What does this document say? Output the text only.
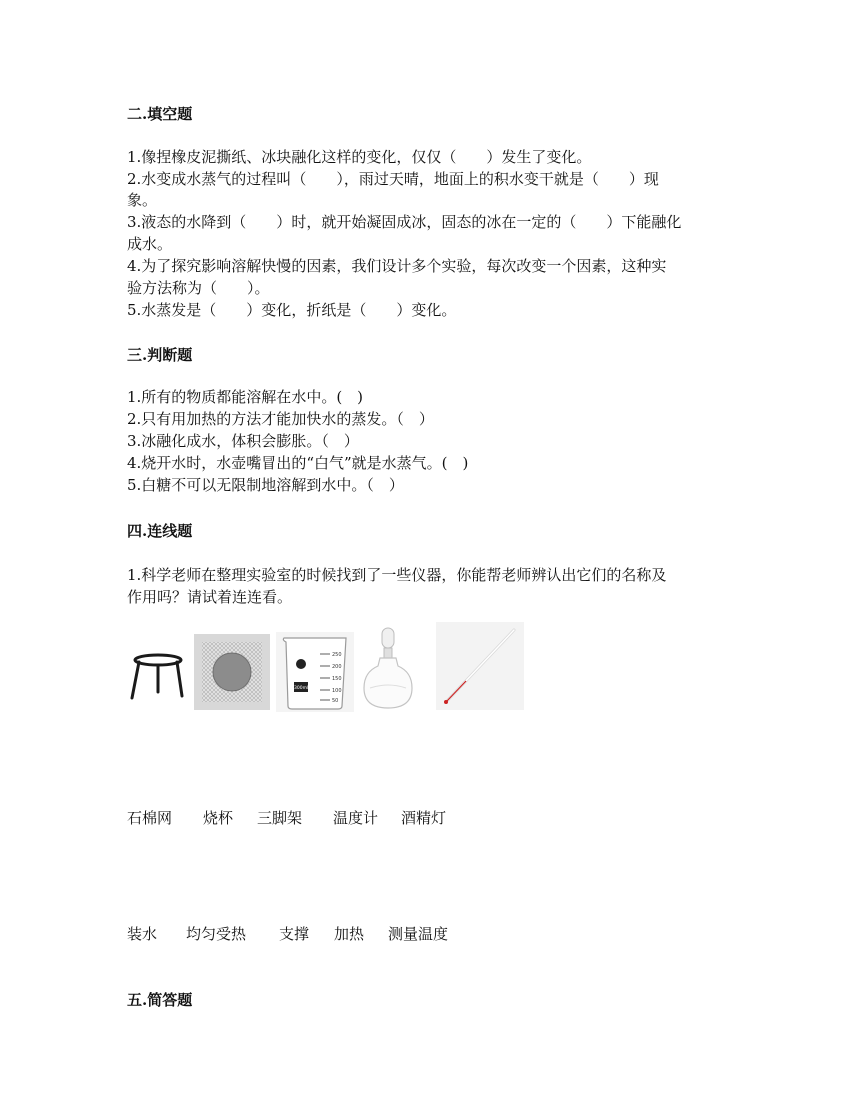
二.填空题
1.像捏橡皮泥撕纸、冰块融化这样的变化，仅仅（　　）发生了变化。
2.水变成水蒸气的过程叫（　　），雨过天晴，地面上的积水变干就是（　　）现
象。
3.液态的水降到（　　）时，就开始凝固成冰，固态的冰在一定的（　　）下能融化
成水。
4.为了探究影响溶解快慢的因素，我们设计多个实验，每次改变一个因素，这种实
验方法称为（　　）。
5.水蒸发是（　　）变化，折纸是（　　）变化。
三.判断题
1.所有的物质都能溶解在水中。(　)
2.只有用加热的方法才能加快水的蒸发。（　）
3.冰融化成水，体积会膨胀。（　）
4.烧开水时，水壶嘴冒出的“白气”就是水蒸气。(　)
5.白糖不可以无限制地溶解到水中。（　）
四.连线题
1.科学老师在整理实验室的时候找到了一些仪器，你能帮老师辨认出它们的名称及
作用吗？请试着连连看。
250
200
150
100
50
300ml
石棉网 烧杯 三脚架 温度计 酒精灯
装水 均匀受热 支撑 加热 测量温度
五.简答题
